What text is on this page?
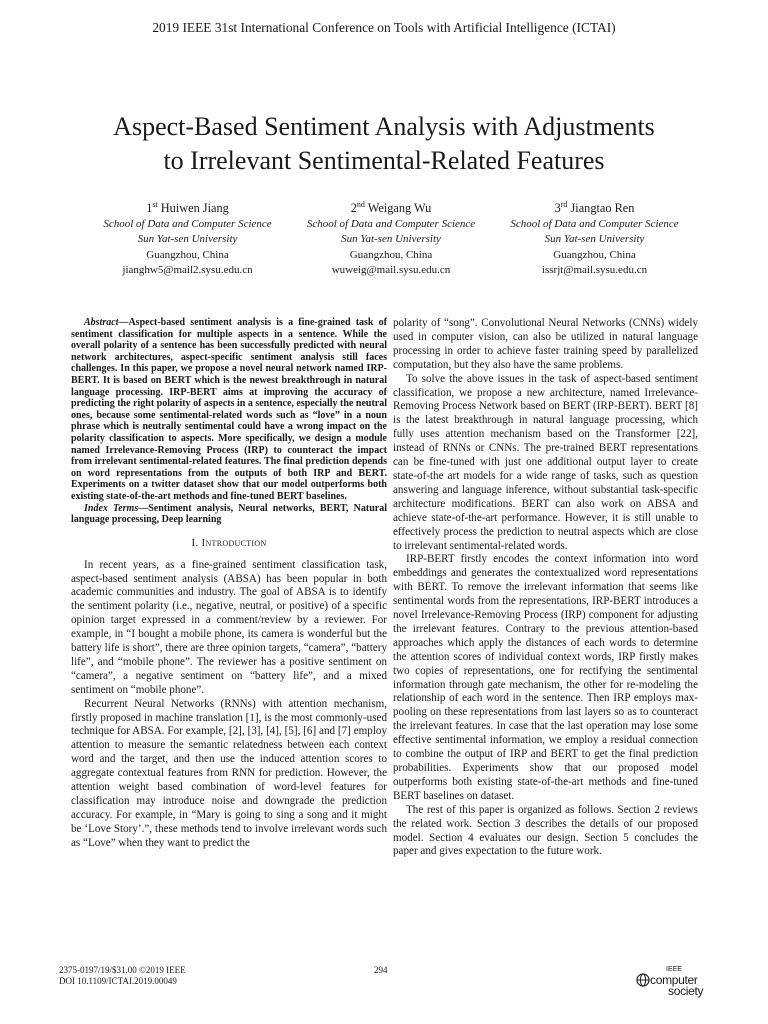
2019 IEEE 31st International Conference on Tools with Artificial Intelligence (ICTAI)
Aspect-Based Sentiment Analysis with Adjustments
to Irrelevant Sentimental-Related Features
1st Huiwen Jiang
School of Data and Computer Science
Sun Yat-sen University
Guangzhou, China
jianghw5@mail2.sysu.edu.cn
2nd Weigang Wu
School of Data and Computer Science
Sun Yat-sen University
Guangzhou, China
wuweig@mail.sysu.edu.cn
3rd Jiangtao Ren
School of Data and Computer Science
Sun Yat-sen University
Guangzhou, China
issrjt@mail.sysu.edu.cn

Abstract—Aspect-based sentiment analysis is a fine-grained task of sentiment classification for multiple aspects in a sentence. While the overall polarity of a sentence has been successfully predicted with neural network architectures, aspect-specific sentiment analysis still faces challenges. In this paper, we propose a novel neural network named IRP-BERT. It is based on BERT which is the newest breakthrough in natural language processing. IRP-BERT aims at improving the accuracy of predicting the right polarity of aspects in a sentence, especially the neutral ones, because some sentimental-related words such as “love” in a noun phrase which is neutrally sentimental could have a wrong impact on the polarity classification to aspects. More specifically, we design a module named Irrelevance-Removing Process (IRP) to counteract the impact from irrelevant sentimental-related features. The final prediction depends on word representations from the outputs of both IRP and BERT. Experiments on a twitter dataset show that our model outperforms both existing state-of-the-art methods and fine-tuned BERT baselines.

Index Terms—Sentiment analysis, Neural networks, BERT, Natural language processing, Deep learning

I. Introduction

In recent years, as a fine-grained sentiment classification task, aspect-based sentiment analysis (ABSA) has been popular in both academic communities and industry. The goal of ABSA is to identify the sentiment polarity (i.e., negative, neutral, or positive) of a specific opinion target expressed in a comment/review by a reviewer. For example, in “I bought a mobile phone, its camera is wonderful but the battery life is short”, there are three opinion targets, “camera”, “battery life”, and “mobile phone”. The reviewer has a positive sentiment on “camera”, a negative sentiment on “battery life”, and a mixed sentiment on “mobile phone”.

Recurrent Neural Networks (RNNs) with attention mechanism, firstly proposed in machine translation [1], is the most commonly-used technique for ABSA. For example, [2], [3], [4], [5], [6] and [7] employ attention to measure the semantic relatedness between each context word and the target, and then use the induced attention scores to aggregate contextual features from RNN for prediction. However, the attention weight based combination of word-level features for classification may introduce noise and downgrade the prediction accuracy. For example, in “Mary is going to sing a song and it might be ‘Love Story’.”, these methods tend to involve irrelevant words such as “Love” when they want to predict the

polarity of “song”. Convolutional Neural Networks (CNNs) widely used in computer vision, can also be utilized in natural language processing in order to achieve faster training speed by parallelized computation, but they also have the same problems.

To solve the above issues in the task of aspect-based sentiment classification, we propose a new architecture, named Irrelevance-Removing Process Network based on BERT (IRP-BERT). BERT [8] is the latest breakthrough in natural language processing, which fully uses attention mechanism based on the Transformer [22], instead of RNNs or CNNs. The pre-trained BERT representations can be fine-tuned with just one additional output layer to create state-of-the art models for a wide range of tasks, such as question answering and language inference, without substantial task-specific architecture modifications. BERT can also work on ABSA and achieve state-of-the-art performance. However, it is still unable to effectively process the prediction to neutral aspects which are close to irrelevant sentimental-related words.

IRP-BERT firstly encodes the context information into word embeddings and generates the contextualized word representations with BERT. To remove the irrelevant information that seems like sentimental words from the representations, IRP-BERT introduces a novel Irrelevance-Removing Process (IRP) component for adjusting the irrelevant features. Contrary to the previous attention-based approaches which apply the distances of each words to determine the attention scores of individual context words, IRP firstly makes two copies of representations, one for rectifying the sentimental information through gate mechanism, the other for re-modeling the relationship of each word in the sentence. Then IRP employs max-pooling on these representations from last layers so as to counteract the irrelevant features. In case that the last operation may lose some effective sentimental information, we employ a residual connection to combine the output of IRP and BERT to get the final prediction probabilities. Experiments show that our proposed model outperforms both existing state-of-the-art methods and fine-tuned BERT baselines on dataset.

The rest of this paper is organized as follows. Section 2 reviews the related work. Section 3 describes the details of our proposed model. Section 4 evaluates our design. Section 5 concludes the paper and gives expectation to the future work.

2375-0197/19/$31.00 ©2019 IEEE
DOI 10.1109/ICTAI.2019.00049
294	IEEE
computer
society
